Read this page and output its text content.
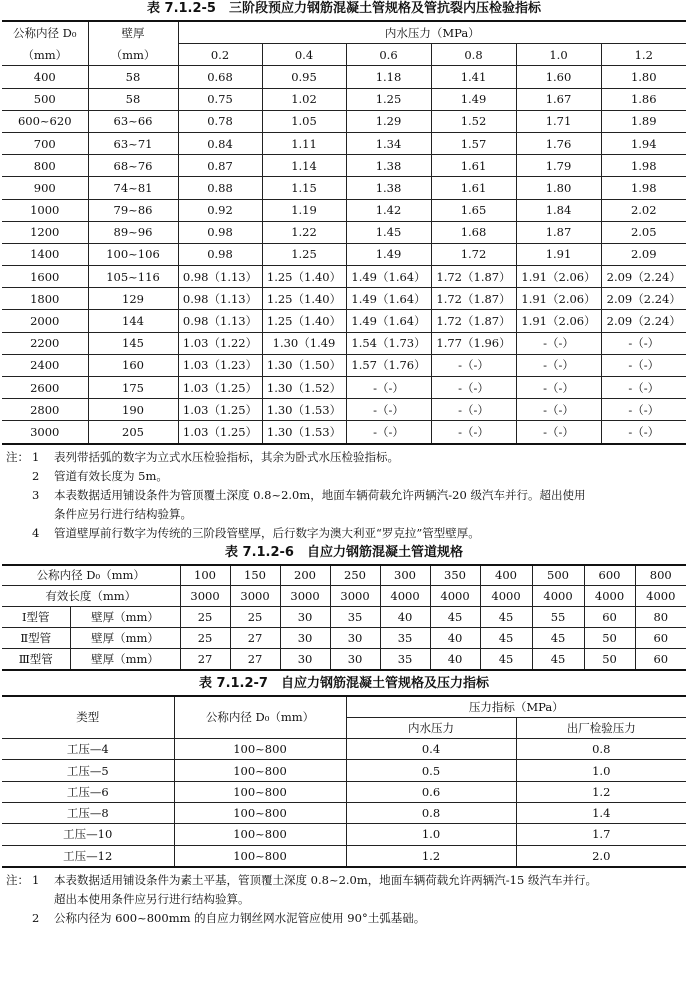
表 7.1.2-5　三阶段预应力钢筋混凝土管规格及管抗裂内压检验指标
公称内径 D₀	壁厚	内水压力（MPa）					
（mm）	（mm）	0.2	0.4	0.6	0.8	1.0	1.2
400	58	0.68	0.95	1.18	1.41	1.60	1.80
500	58	0.75	1.02	1.25	1.49	1.67	1.86
600~620	63~66	0.78	1.05	1.29	1.52	1.71	1.89
700	63~71	0.84	1.11	1.34	1.57	1.76	1.94
800	68~76	0.87	1.14	1.38	1.61	1.79	1.98
900	74~81	0.88	1.15	1.38	1.61	1.80	1.98
1000	79~86	0.92	1.19	1.42	1.65	1.84	2.02
1200	89~96	0.98	1.22	1.45	1.68	1.87	2.05
1400	100~106	0.98	1.25	1.49	1.72	1.91	2.09
1600	105~116	0.98（1.13）	1.25（1.40）	1.49（1.64）	1.72（1.87）	1.91（2.06）	2.09（2.24）
1800	129	0.98（1.13）	1.25（1.40）	1.49（1.64）	1.72（1.87）	1.91（2.06）	2.09（2.24）
2000	144	0.98（1.13）	1.25（1.40）	1.49（1.64）	1.72（1.87）	1.91（2.06）	2.09（2.24）
2200	145	1.03（1.22）	1.30（1.49	1.54（1.73）	1.77（1.96）	-（-）	-（-）
2400	160	1.03（1.23）	1.30（1.50）	1.57（1.76）	-（-）	-（-）	-（-）
2600	175	1.03（1.25）	1.30（1.52）	-（-）	-（-）	-（-）	-（-）
2800	190	1.03（1.25）	1.30（1.53）	-（-）	-（-）	-（-）	-（-）
3000	205	1.03（1.25）	1.30（1.53）	-（-）	-（-）	-（-）	-（-）
注： 1	表列带括弧的数字为立式水压检验指标，其余为卧式水压检验指标。
2	管道有效长度为 5m。
3	本表数据适用铺设条件为管顶覆土深度 0.8~2.0m，地面车辆荷载允许两辆汽-20 级汽车并行。超出使用
条件应另行进行结构验算。
4	管道壁厚前行数字为传统的三阶段管壁厚，后行数字为澳大利亚“罗克拉”管型壁厚。
表 7.1.2-6　自应力钢筋混凝土管道规格
公称内径 D₀（mm）		100	150	200	250	300	350	400	500	600	800
有效长度（mm）		3000	3000	3000	3000	4000	4000	4000	4000	4000	4000
Ⅰ型管	壁厚（mm）	25	25	30	35	40	45	45	55	60	80
Ⅱ型管	壁厚（mm）	25	27	30	30	35	40	45	45	50	60
Ⅲ型管	壁厚（mm）	27	27	30	30	35	40	45	45	50	60
表 7.1.2-7　自应力钢筋混凝土管规格及压力指标
类型	公称内径 D₀（mm）	压力指标（MPa）	
		内水压力	出厂检验压力
工压—4	100~800	0.4	0.8
工压—5	100~800	0.5	1.0
工压—6	100~800	0.6	1.2
工压—8	100~800	0.8	1.4
工压—10	100~800	1.0	1.7
工压—12	100~800	1.2	2.0
注： 1	本表数据适用铺设条件为素土平基，管顶覆土深度 0.8~2.0m，地面车辆荷载允许两辆汽-15 级汽车并行。
超出本使用条件应另行进行结构验算。
2	公称内径为 600~800mm 的自应力钢丝网水泥管应使用 90°土弧基础。
